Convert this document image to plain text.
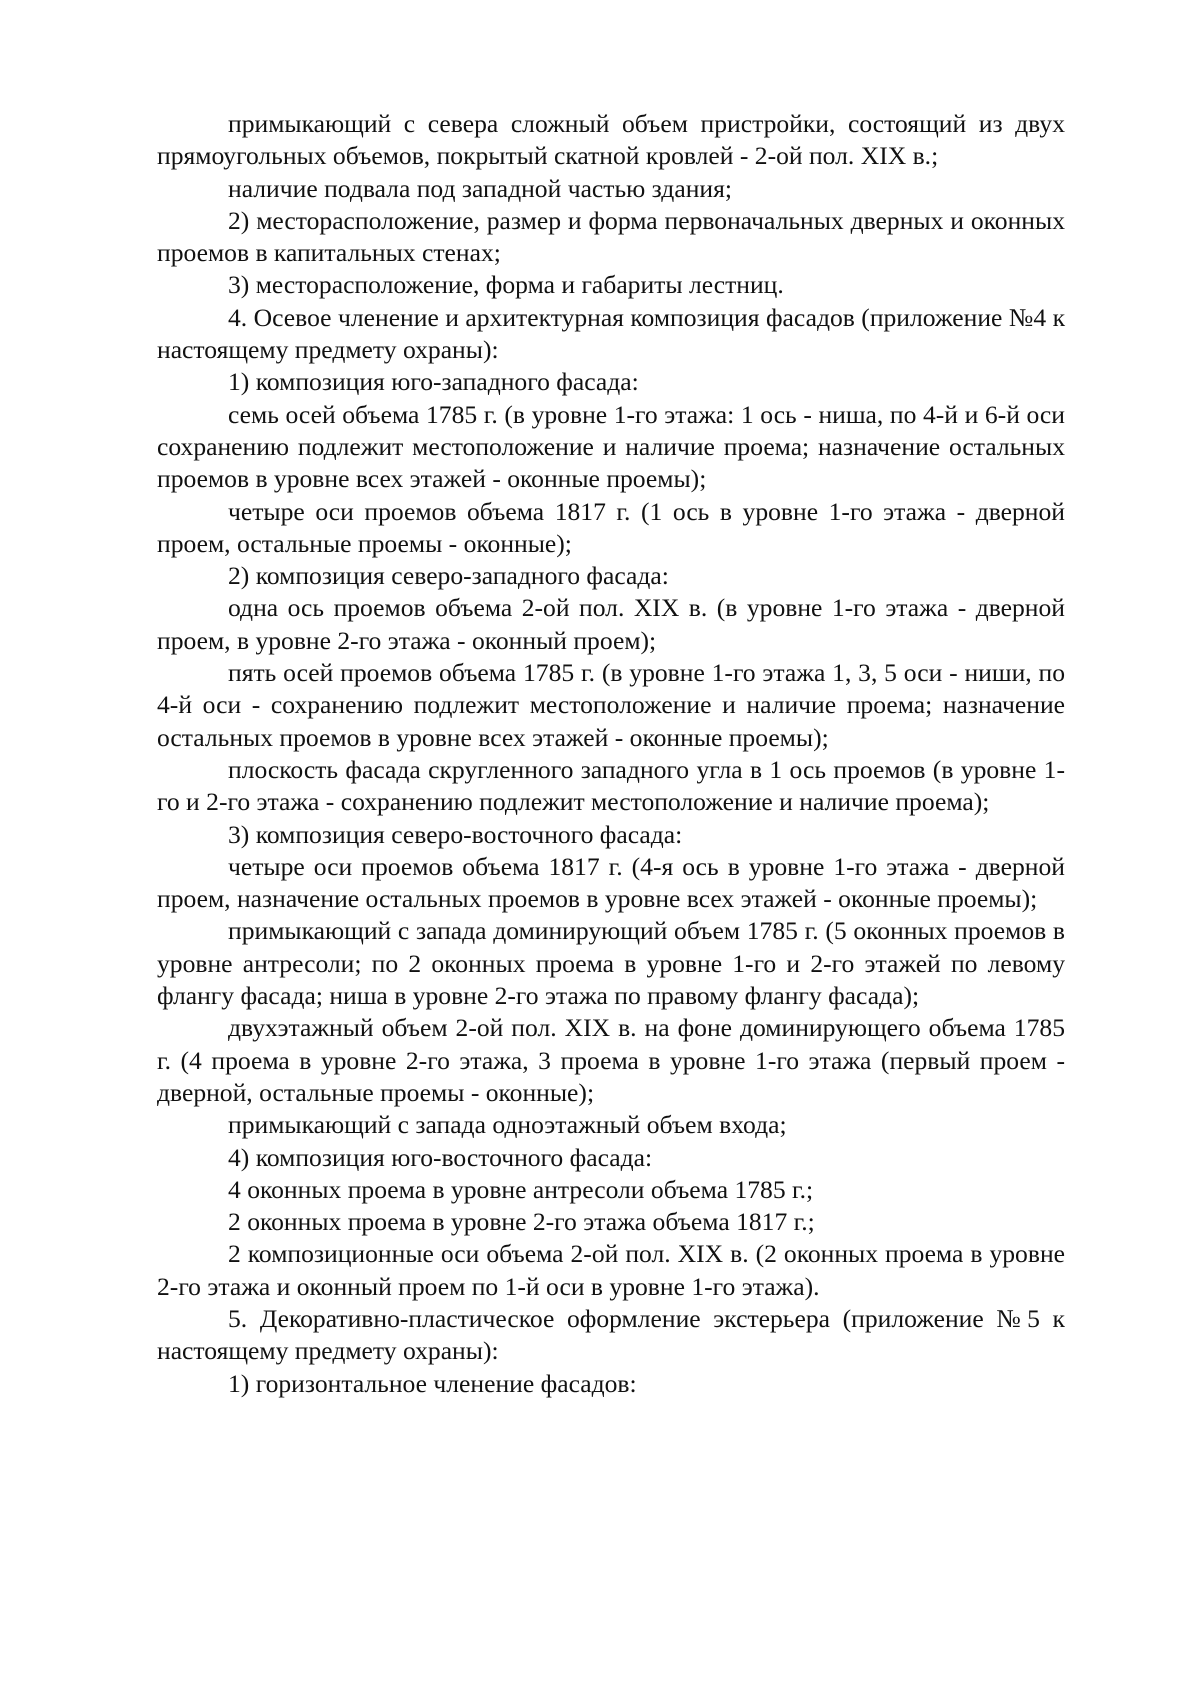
примыкающий с севера сложный объем пристройки, состоящий из двух прямоугольных объемов, покрытый скатной кровлей - 2-ой пол. XIX в.;

наличие подвала под западной частью здания;

2) месторасположение, размер и форма первоначальных дверных и оконных проемов в капитальных стенах;

3) месторасположение, форма и габариты лестниц.

4. Осевое членение и архитектурная композиция фасадов (приложение №4 к настоящему предмету охраны):

1) композиция юго-западного фасада:

семь осей объема 1785 г. (в уровне 1-го этажа: 1 ось - ниша, по 4-й и 6-й оси сохранению подлежит местоположение и наличие проема; назначение остальных проемов в уровне всех этажей - оконные проемы);

четыре оси проемов объема 1817 г. (1 ось в уровне 1-го этажа - дверной проем, остальные проемы - оконные);

2) композиция северо-западного фасада:

одна ось проемов объема 2-ой пол. XIX в. (в уровне 1-го этажа - дверной проем, в уровне 2-го этажа - оконный проем);

пять осей проемов объема 1785 г. (в уровне 1-го этажа 1, 3, 5 оси - ниши, по 4-й оси - сохранению подлежит местоположение и наличие проема; назначение остальных проемов в уровне всех этажей - оконные проемы);

плоскость фасада скругленного западного угла в 1 ось проемов (в уровне 1-го и 2-го этажа - сохранению подлежит местоположение и наличие проема);

3) композиция северо-восточного фасада:

четыре оси проемов объема 1817 г. (4-я ось в уровне 1-го этажа - дверной проем, назначение остальных проемов в уровне всех этажей - оконные проемы);

примыкающий с запада доминирующий объем 1785 г. (5 оконных проемов в уровне антресоли; по 2 оконных проема в уровне 1-го и 2-го этажей по левому флангу фасада; ниша в уровне 2-го этажа по правому флангу фасада);

двухэтажный объем 2-ой пол. XIX в. на фоне доминирующего объема 1785 г. (4 проема в уровне 2-го этажа, 3 проема в уровне 1-го этажа (первый проем - дверной, остальные проемы - оконные);

примыкающий с запада одноэтажный объем входа;

4) композиция юго-восточного фасада:

4 оконных проема в уровне антресоли объема 1785 г.;

2 оконных проема в уровне 2-го этажа объема 1817 г.;

2 композиционные оси объема 2-ой пол. XIX в. (2 оконных проема в уровне 2-го этажа и оконный проем по 1-й оси в уровне 1-го этажа).

5. Декоративно-пластическое оформление экстерьера (приложение №5 к настоящему предмету охраны):

1) горизонтальное членение фасадов:
